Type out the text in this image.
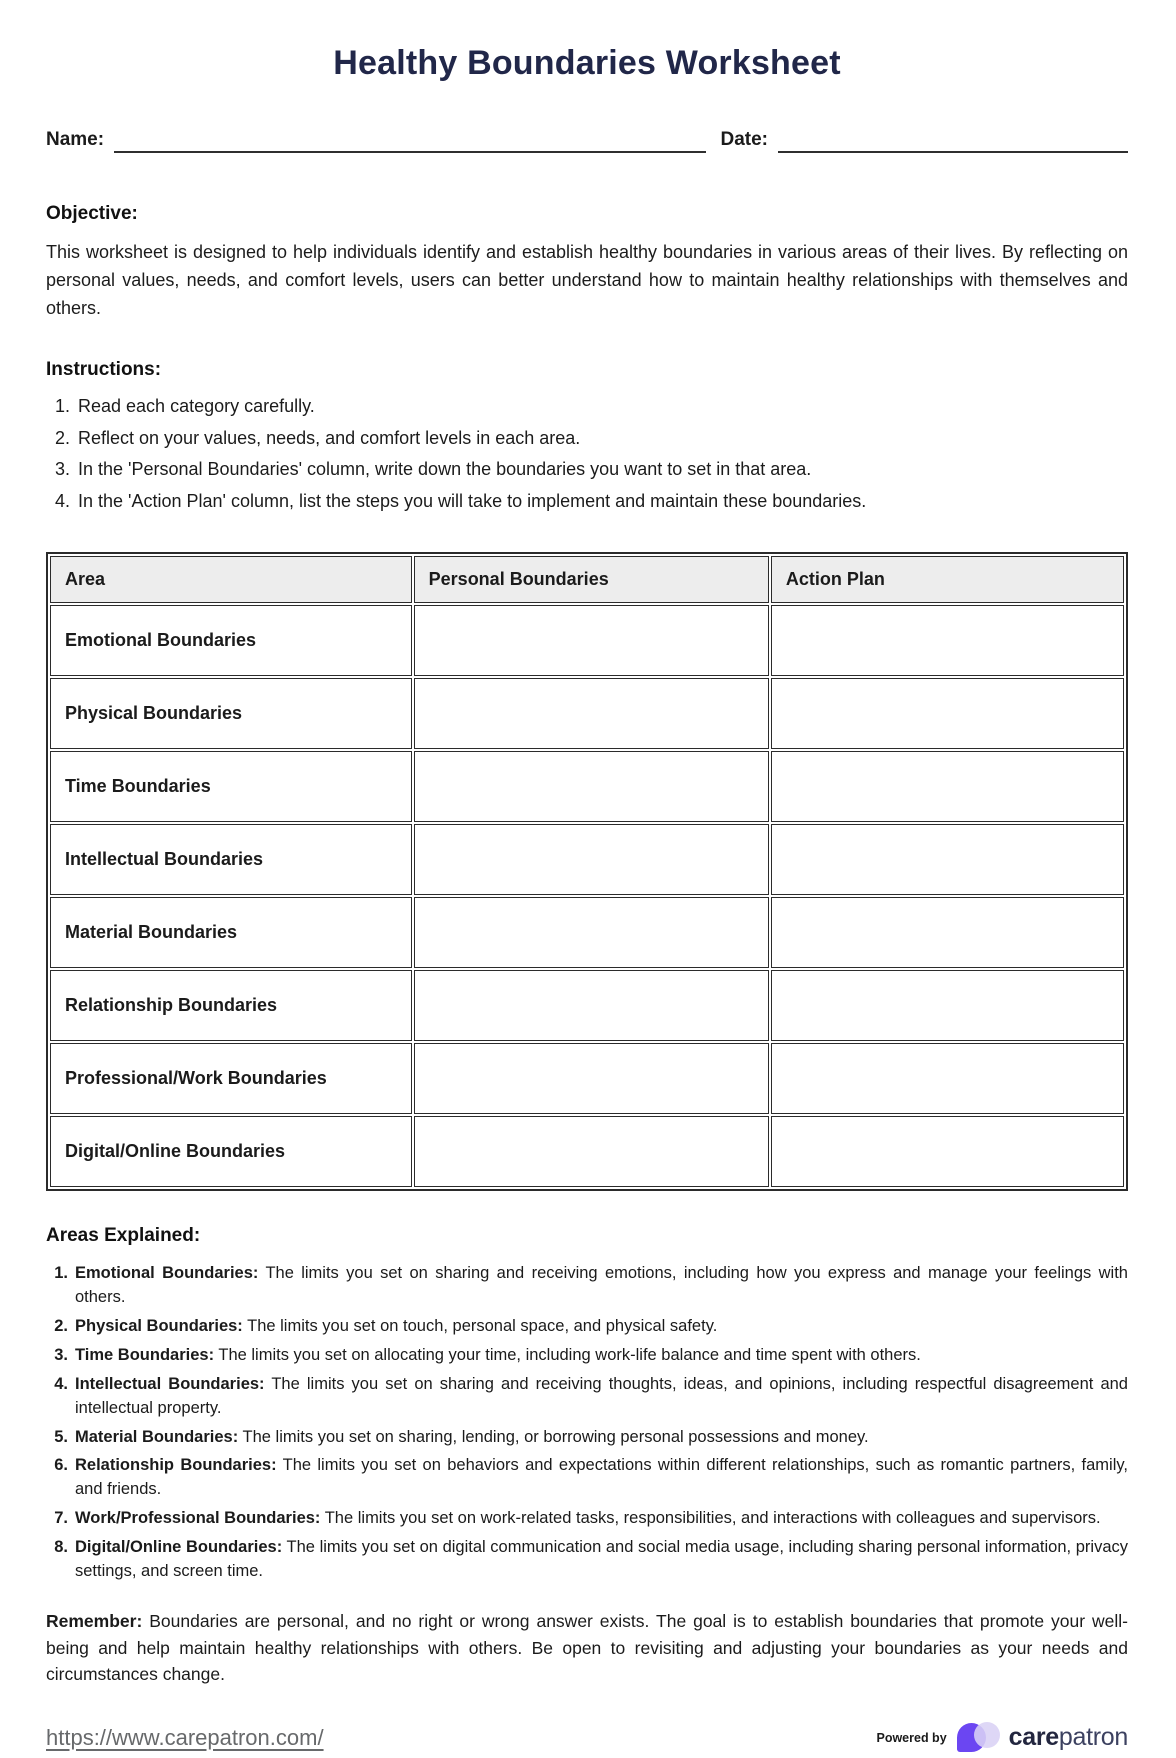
Healthy Boundaries Worksheet
Name:	Date:
Objective:

This worksheet is designed to help individuals identify and establish healthy boundaries in various areas of their lives. By reflecting on personal values, needs, and comfort levels, users can better understand how to maintain healthy relationships with themselves and others.

Instructions:
1. Read each category carefully.
2. Reflect on your values, needs, and comfort levels in each area.
3. In the 'Personal Boundaries' column, write down the boundaries you want to set in that area.
4. In the 'Action Plan' column, list the steps you will take to implement and maintain these boundaries.
Area	Personal Boundaries	Action Plan
Emotional Boundaries		
Physical Boundaries		
Time Boundaries		
Intellectual Boundaries		
Material Boundaries		
Relationship Boundaries		
Professional/Work Boundaries		
Digital/Online Boundaries		
Areas Explained:
1. Emotional Boundaries: The limits you set on sharing and receiving emotions, including how you express and manage your feelings with others.
2. Physical Boundaries: The limits you set on touch, personal space, and physical safety.
3. Time Boundaries: The limits you set on allocating your time, including work-life balance and time spent with others.
4. Intellectual Boundaries: The limits you set on sharing and receiving thoughts, ideas, and opinions, including respectful disagreement and intellectual property.
5. Material Boundaries: The limits you set on sharing, lending, or borrowing personal possessions and money.
6. Relationship Boundaries: The limits you set on behaviors and expectations within different relationships, such as romantic partners, family, and friends.
7. Work/Professional Boundaries: The limits you set on work-related tasks, responsibilities, and interactions with colleagues and supervisors.
8. Digital/Online Boundaries: The limits you set on digital communication and social media usage, including sharing personal information, privacy settings, and screen time.

Remember: Boundaries are personal, and no right or wrong answer exists. The goal is to establish boundaries that promote your well-being and help maintain healthy relationships with others. Be open to revisiting and adjusting your boundaries as your needs and circumstances change.

https://www.carepatron.com/	Powered by carepatron
